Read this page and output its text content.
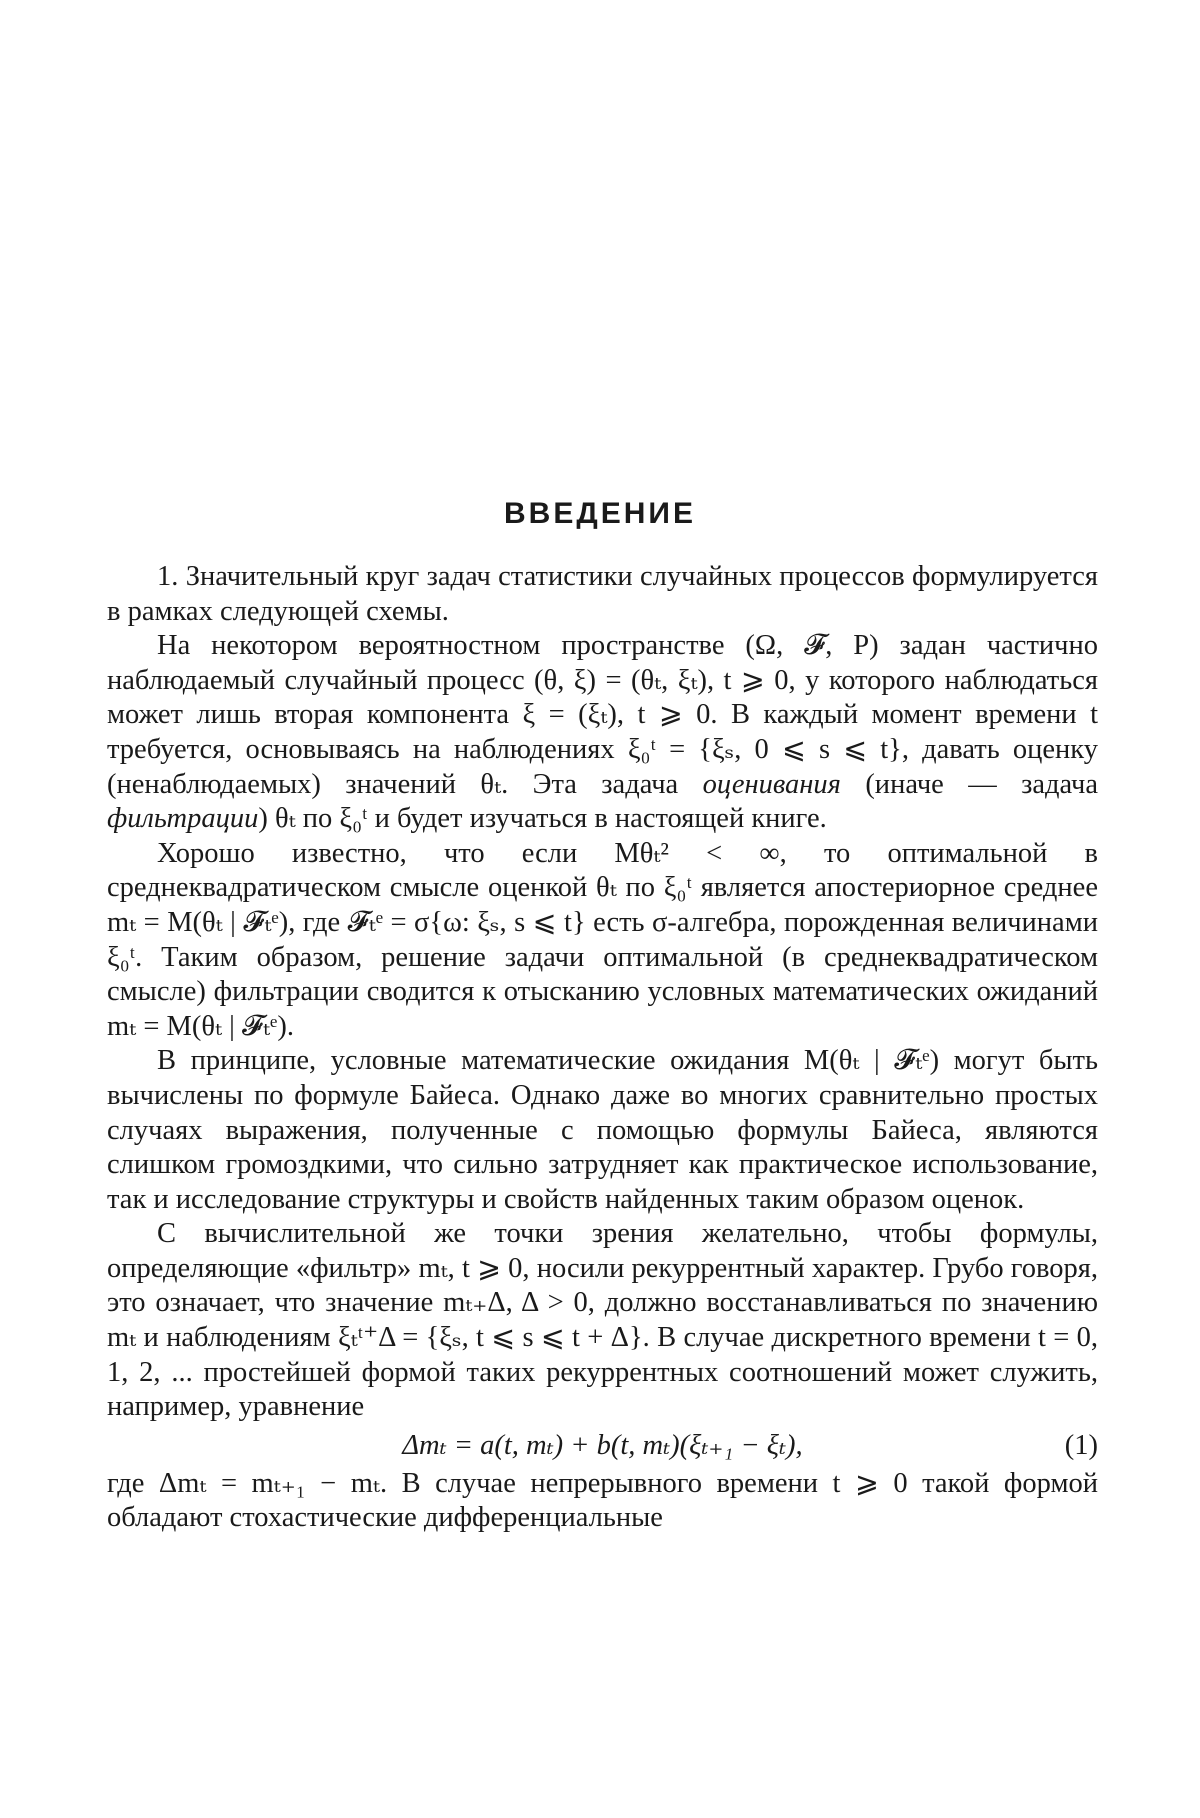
ВВЕДЕНИЕ

1. Значительный круг задач статистики случайных процессов формулируется в рамках следующей схемы.

На некотором вероятностном пространстве (Ω, 𝓕, P) задан частично наблюдаемый случайный процесс (θ, ξ) = (θₜ, ξₜ), t ⩾ 0, у которого наблюдаться может лишь вторая компонента ξ = (ξₜ), t ⩾ 0. В каждый момент времени t требуется, основываясь на наблюдениях ξ₀ᵗ = {ξₛ, 0 ⩽ s ⩽ t}, давать оценку (ненаблюдаемых) значений θₜ. Эта задача оценивания (иначе — задача фильтрации) θₜ по ξ₀ᵗ и будет изучаться в настоящей книге.

Хорошо известно, что если Mθₜ² < ∞, то оптимальной в среднеквадратическом смысле оценкой θₜ по ξ₀ᵗ является апостериорное среднее mₜ = M(θₜ | 𝓕ₜᵉ), где 𝓕ₜᵉ = σ{ω: ξₛ, s ⩽ t} есть σ-алгебра, порожденная величинами ξ₀ᵗ. Таким образом, решение задачи оптимальной (в среднеквадратическом смысле) фильтрации сводится к отысканию условных математических ожиданий mₜ = M(θₜ | 𝓕ₜᵉ).

В принципе, условные математические ожидания M(θₜ | 𝓕ₜᵉ) могут быть вычислены по формуле Байеса. Однако даже во многих сравнительно простых случаях выражения, полученные с помощью формулы Байеса, являются слишком громоздкими, что сильно затрудняет как практическое использование, так и исследование структуры и свойств найденных таким образом оценок.

С вычислительной же точки зрения желательно, чтобы формулы, определяющие «фильтр» mₜ, t ⩾ 0, носили рекуррентный характер. Грубо говоря, это означает, что значение mₜ₊Δ, Δ > 0, должно восстанавливаться по значению mₜ и наблюдениям ξₜᵗ⁺Δ = {ξₛ, t ⩽ s ⩽ t + Δ}. В случае дискретного времени t = 0, 1, 2, ... простейшей формой таких рекуррентных соотношений может служить, например, уравнение

Δmₜ = a(t, mₜ) + b(t, mₜ)(ξₜ₊₁ − ξₜ),	(1)

где Δmₜ = mₜ₊₁ − mₜ. В случае непрерывного времени t ⩾ 0 такой формой обладают стохастические дифференциальные
